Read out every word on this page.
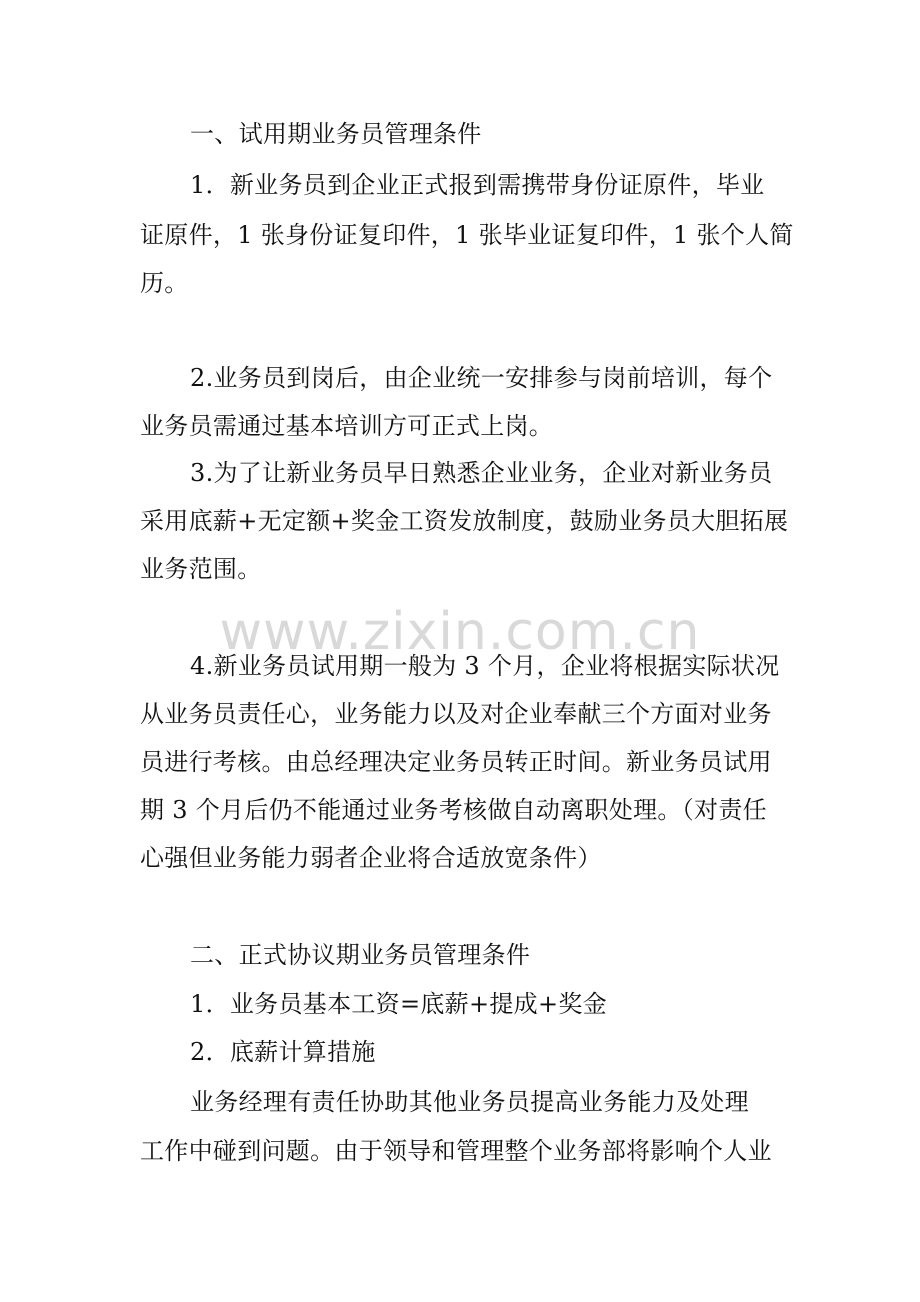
www.zixin.com.cn
一、试用期业务员管理条件
1．新业务员到企业正式报到需携带身份证原件，毕业
证原件，1 张身份证复印件，1 张毕业证复印件，1 张个人简
历。
2.业务员到岗后，由企业统一安排参与岗前培训，每个
业务员需通过基本培训方可正式上岗。
3.为了让新业务员早日熟悉企业业务，企业对新业务员
采用底薪+无定额+奖金工资发放制度，鼓励业务员大胆拓展
业务范围。
4.新业务员试用期一般为 3 个月，企业将根据实际状况
从业务员责任心，业务能力以及对企业奉献三个方面对业务
员进行考核。由总经理决定业务员转正时间。新业务员试用
期 3 个月后仍不能通过业务考核做自动离职处理。（对责任
心强但业务能力弱者企业将合适放宽条件）
二、正式协议期业务员管理条件
1．业务员基本工资=底薪+提成+奖金
2．底薪计算措施
业务经理有责任协助其他业务员提高业务能力及处理
工作中碰到问题。由于领导和管理整个业务部将影响个人业
